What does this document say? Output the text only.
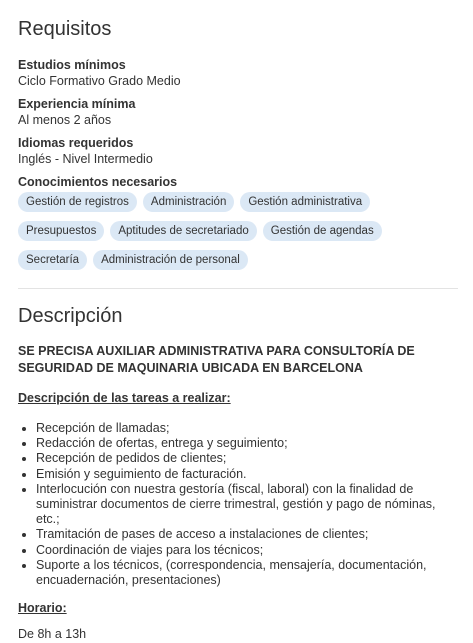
Requisitos
Estudios mínimos
Ciclo Formativo Grado Medio
Experiencia mínima
Al menos 2 años
Idiomas requeridos
Inglés - Nivel Intermedio
Conocimientos necesarios
Gestión de registros	Administración	Gestión administrativa
Presupuestos	Aptitudes de secretariado	Gestión de agendas
Secretaría	Administración de personal
Descripción
SE PRECISA AUXILIAR ADMINISTRATIVA PARA CONSULTORÍA DE SEGURIDAD DE MAQUINARIA UBICADA EN BARCELONA
Descripción de las tareas a realizar:
• Recepción de llamadas;
• Redacción de ofertas, entrega y seguimiento;
• Recepción de pedidos de clientes;
• Emisión y seguimiento de facturación.
• Interlocución con nuestra gestoría (fiscal, laboral) con la finalidad de suministrar documentos de cierre trimestral, gestión y pago de nóminas, etc.;
• Tramitación de pases de acceso a instalaciones de clientes;
• Coordinación de viajes para los técnicos;
• Suporte a los técnicos, (correspondencia, mensajería, documentación, encuadernación, presentaciones)
Horario:
De 8h a 13h
